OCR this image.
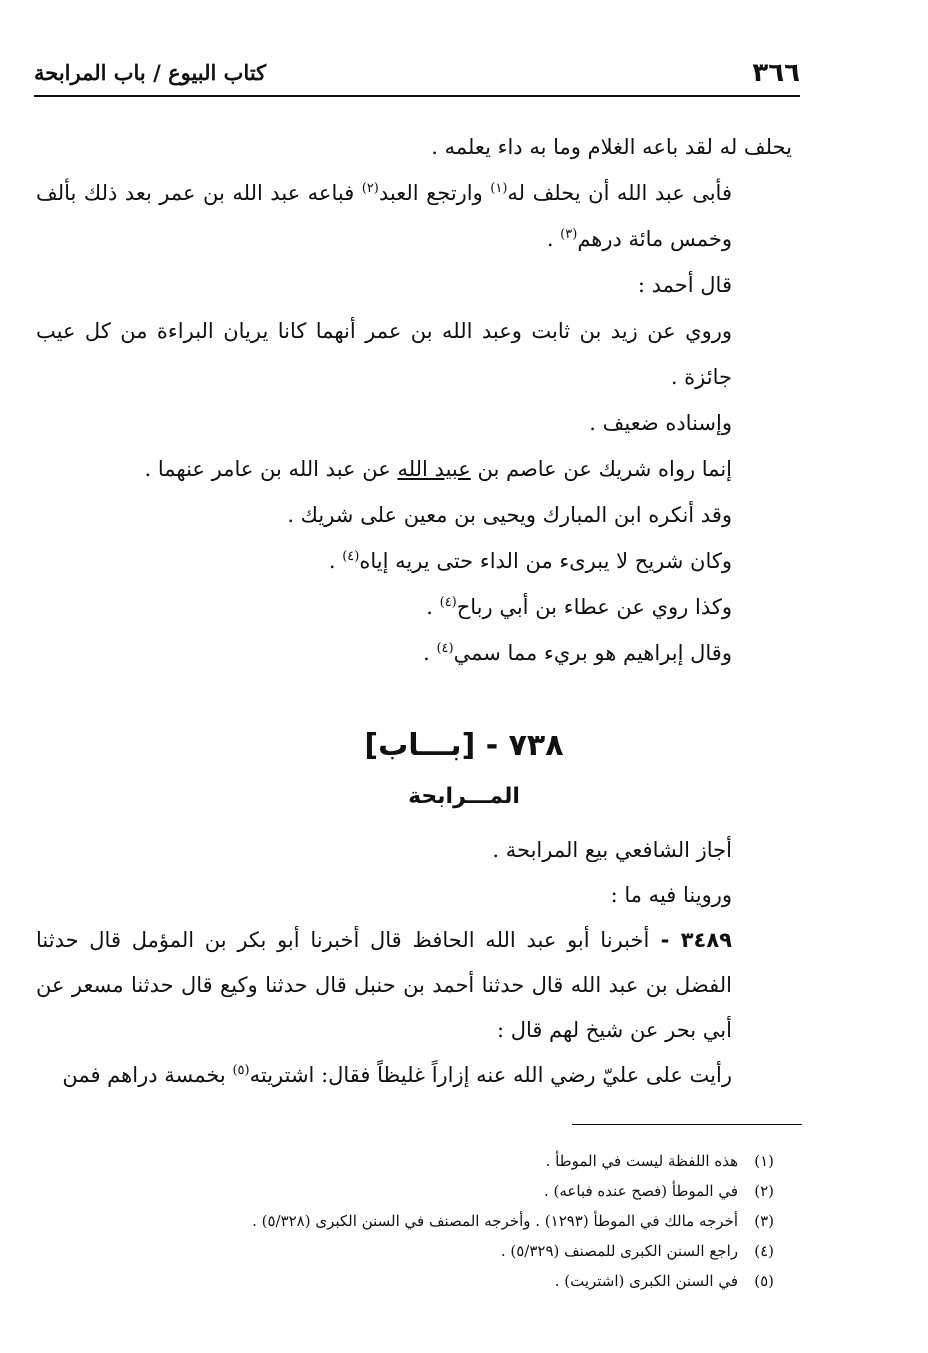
٣٦٦
كتاب البيوع / باب المرابحة

يحلف له لقد باعه الغلام وما به داء يعلمه .

فأبى عبد الله أن يحلف له$^{(١)}$ وارتجع العبد$^{(٢)}$ فباعه عبد الله بن عمر بعد ذلك بألف وخمس مائة درهم$^{(٣)}$ .

قال أحمد :

وروي عن زيد بن ثابت وعبد الله بن عمر أنهما كانا يريان البراءة من كل عيب جائزة .

وإسناده ضعيف .

إنما رواه شريك عن عاصم بن عبيد الله عن عبد الله بن عامر عنهما .

وقد أنكره ابن المبارك ويحيى بن معين على شريك .

وكان شريح لا يبرىء من الداء حتى يريه إياه$^{(٤)}$ .

وكذا روي عن عطاء بن أبي رباح$^{(٤)}$ .

وقال إبراهيم هو بريء مما سمي$^{(٤)}$ .

٧٣٨ - [بـــاب]
المـــرابحة

أجاز الشافعي بيع المرابحة .

وروينا فيه ما :

٣٤٨٩ - أخبرنا أبو عبد الله الحافظ قال أخبرنا أبو بكر بن المؤمل قال حدثنا الفضل بن عبد الله قال حدثنا أحمد بن حنبل قال حدثنا وكيع قال حدثنا مسعر عن أبي بحر عن شيخ لهم قال :

رأيت على عليّ رضي الله عنه إزاراً غليظاً فقال: اشتريته$^{(٥)}$ بخمسة دراهم فمن

(١)هذه اللفظة ليست في الموطأ .
(٢)في الموطأ (فصح عنده فباعه) .
(٣)أخرجه مالك في الموطأ (١٢٩٣) . وأخرجه المصنف في السنن الكبرى (٥/٣٢٨) .
(٤)راجع السنن الكبرى للمصنف (٥/٣٢٩) .
(٥)في السنن الكبرى (اشتريت) .
